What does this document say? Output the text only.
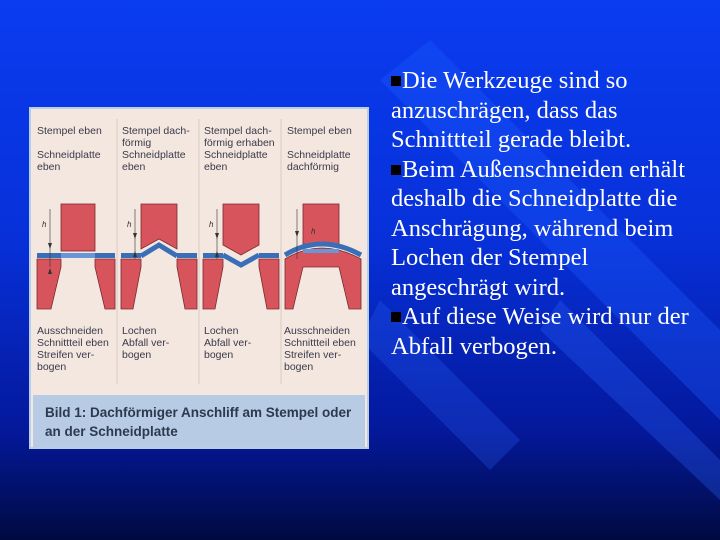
h	h	h
h
Stempel eben

Schneidplatte
eben
Stempel dach-
förmig
Schneidplatte
eben
Stempel dach-
förmig erhaben
Schneidplatte
eben
Stempel eben

Schneidplatte
dachförmig
Ausschneiden
Schnittteil eben
Streifen ver-
bogen
Lochen
Abfall ver-
bogen
Lochen
Abfall ver-
bogen
Ausschneiden
Schnittteil eben
Streifen ver-
bogen
Bild 1: Dachförmiger Anschliff am Stempel oder
an der Schneidplatte

Die Werkzeuge sind so anzuschrägen, dass das Schnittteil gerade bleibt.

Beim Außenschneiden erhält deshalb die Schneidplatte die Anschrägung, während beim Lochen der Stempel angeschrägt wird.

Auf diese Weise wird nur der Abfall verbogen.
